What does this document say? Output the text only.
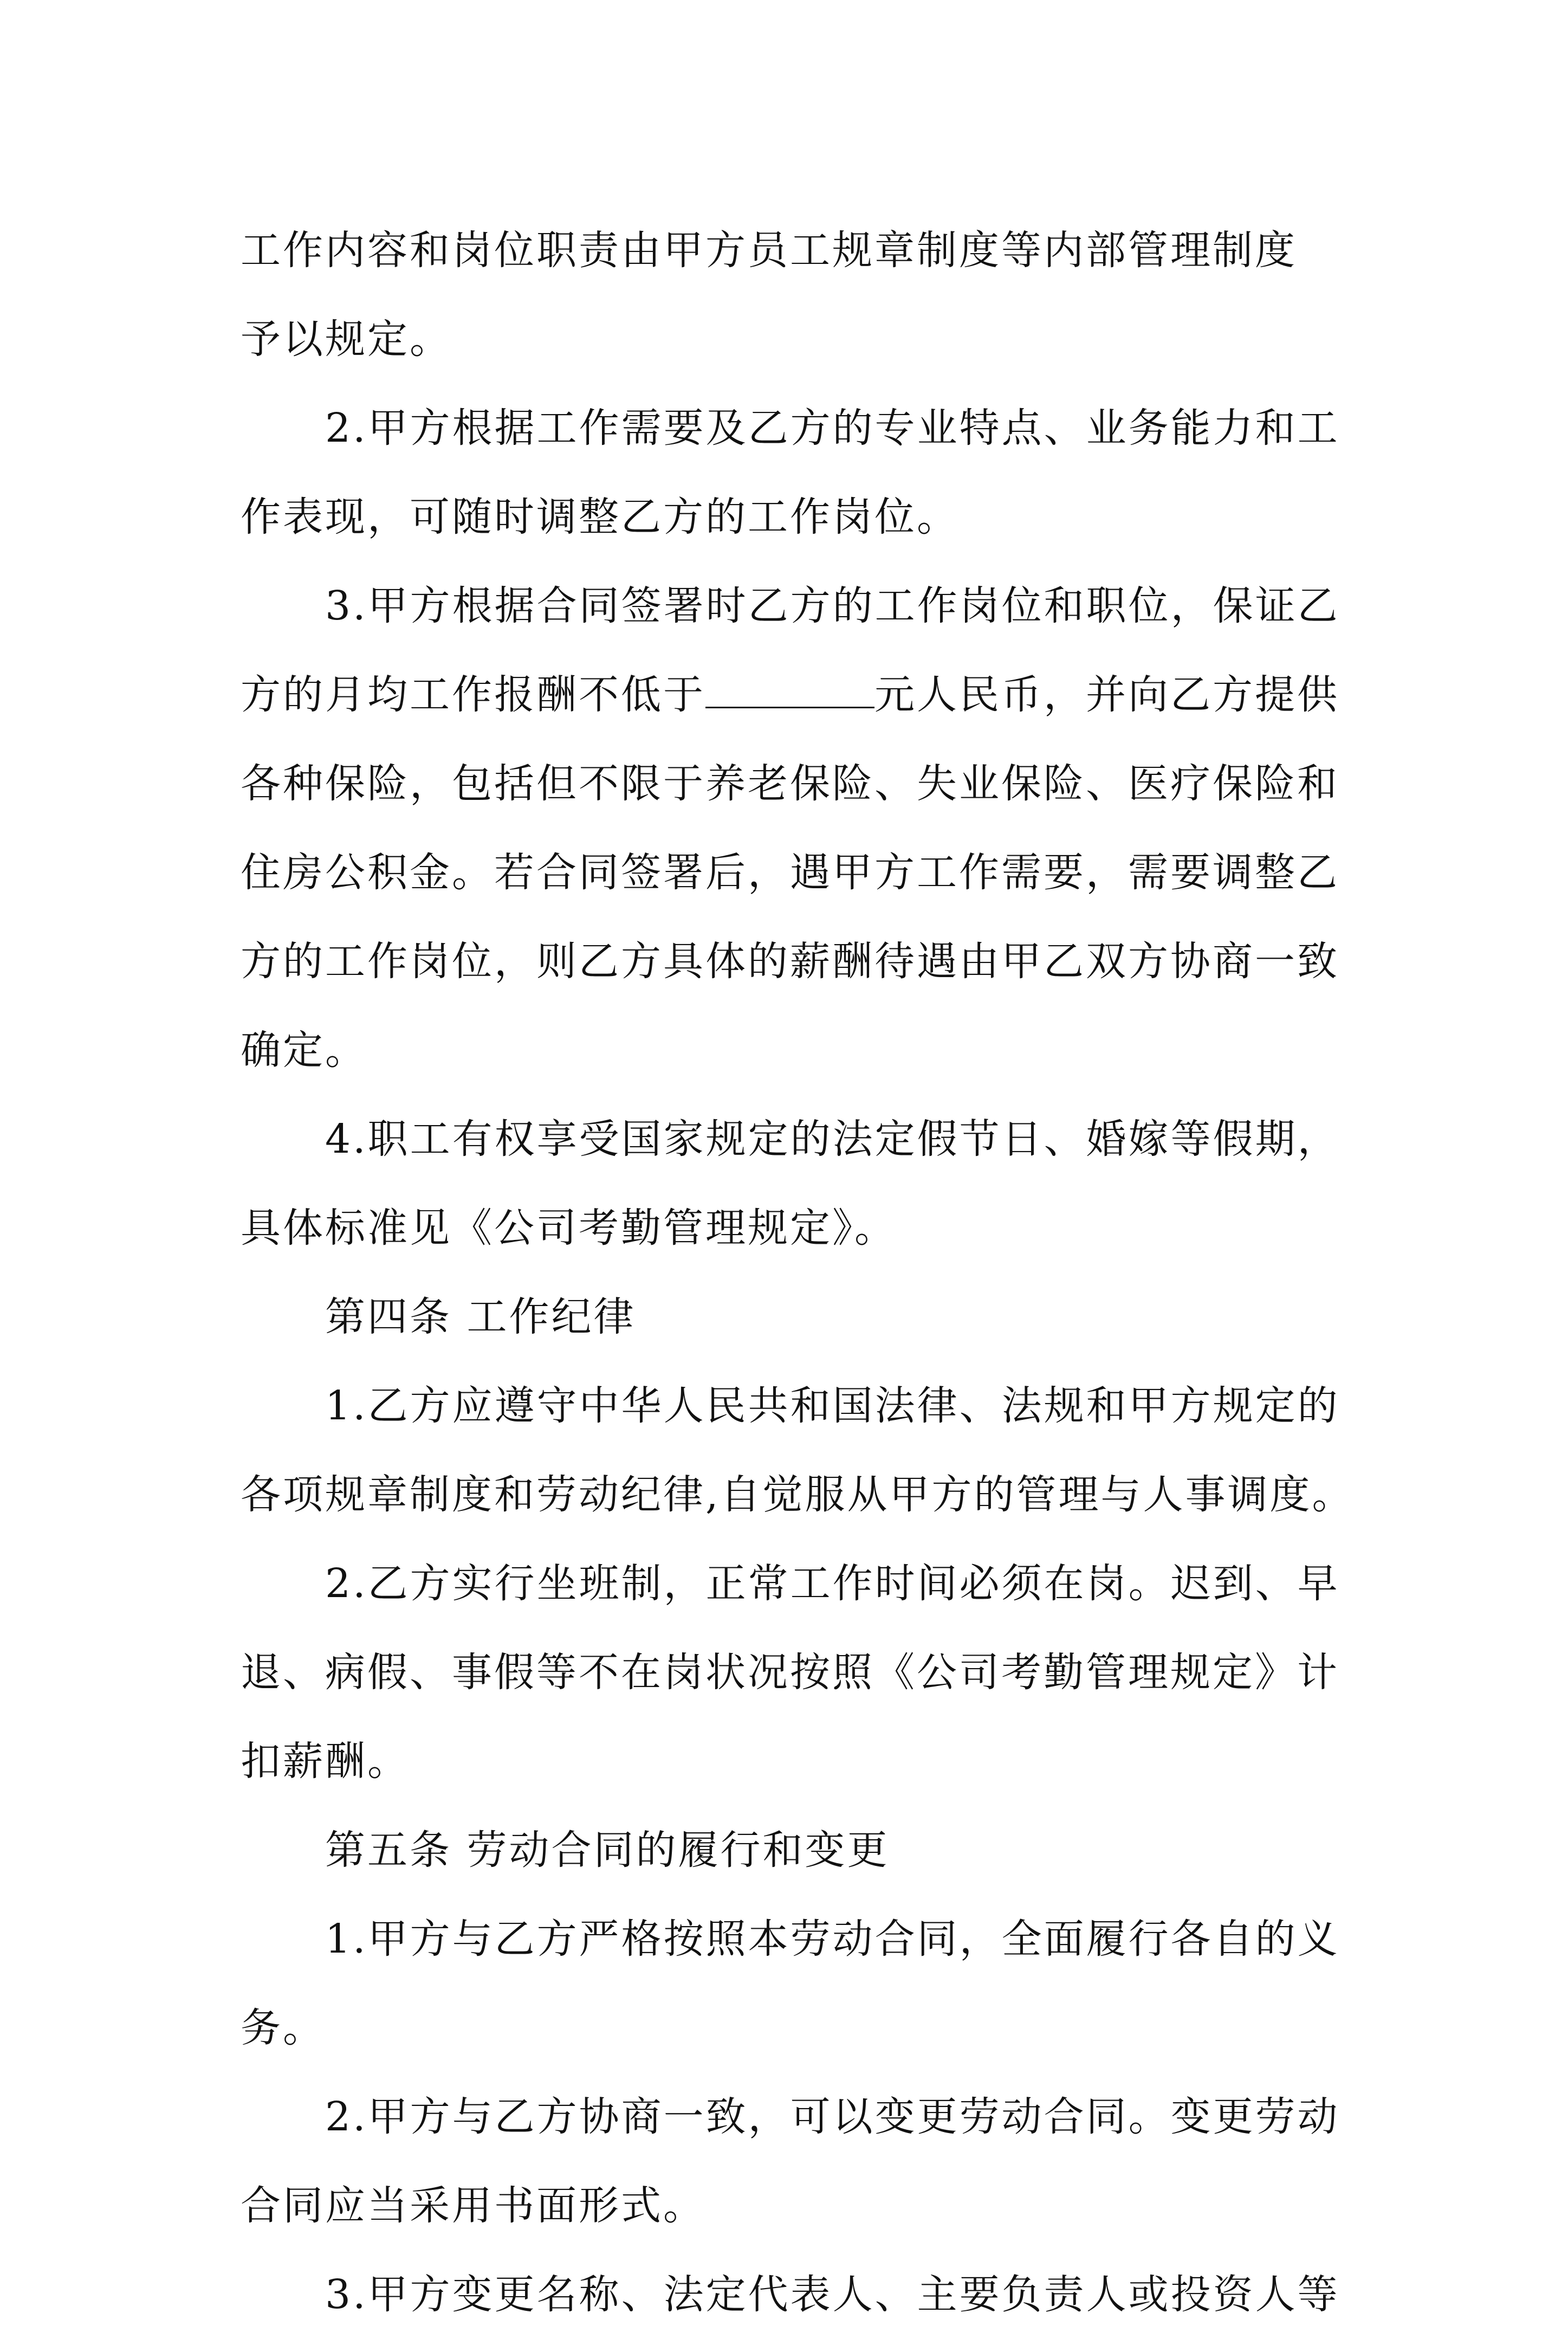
工作内容和岗位职责由甲方员工规章制度等内部管理制度
予以规定。
2.甲方根据工作需要及乙方的专业特点、业务能力和工
作表现，可随时调整乙方的工作岗位。
3.甲方根据合同签署时乙方的工作岗位和职位，保证乙
方的月均工作报酬不低于	元人民币，并向乙方提供
各种保险，包括但不限于养老保险、失业保险、医疗保险和
住房公积金。若合同签署后，遇甲方工作需要，需要调整乙
方的工作岗位，则乙方具体的薪酬待遇由甲乙双方协商一致
确定。
4.职工有权享受国家规定的法定假节日、婚嫁等假期，
具体标准见《公司考勤管理规定》。
第四条 工作纪律
1.乙方应遵守中华人民共和国法律、法规和甲方规定的
各项规章制度和劳动纪律,自觉服从甲方的管理与人事调度。
2.乙方实行坐班制，正常工作时间必须在岗。迟到、早
退、病假、事假等不在岗状况按照《公司考勤管理规定》计
扣薪酬。
第五条 劳动合同的履行和变更
1.甲方与乙方严格按照本劳动合同，全面履行各自的义
务。
2.甲方与乙方协商一致，可以变更劳动合同。变更劳动
合同应当采用书面形式。
3.甲方变更名称、法定代表人、主要负责人或投资人等
